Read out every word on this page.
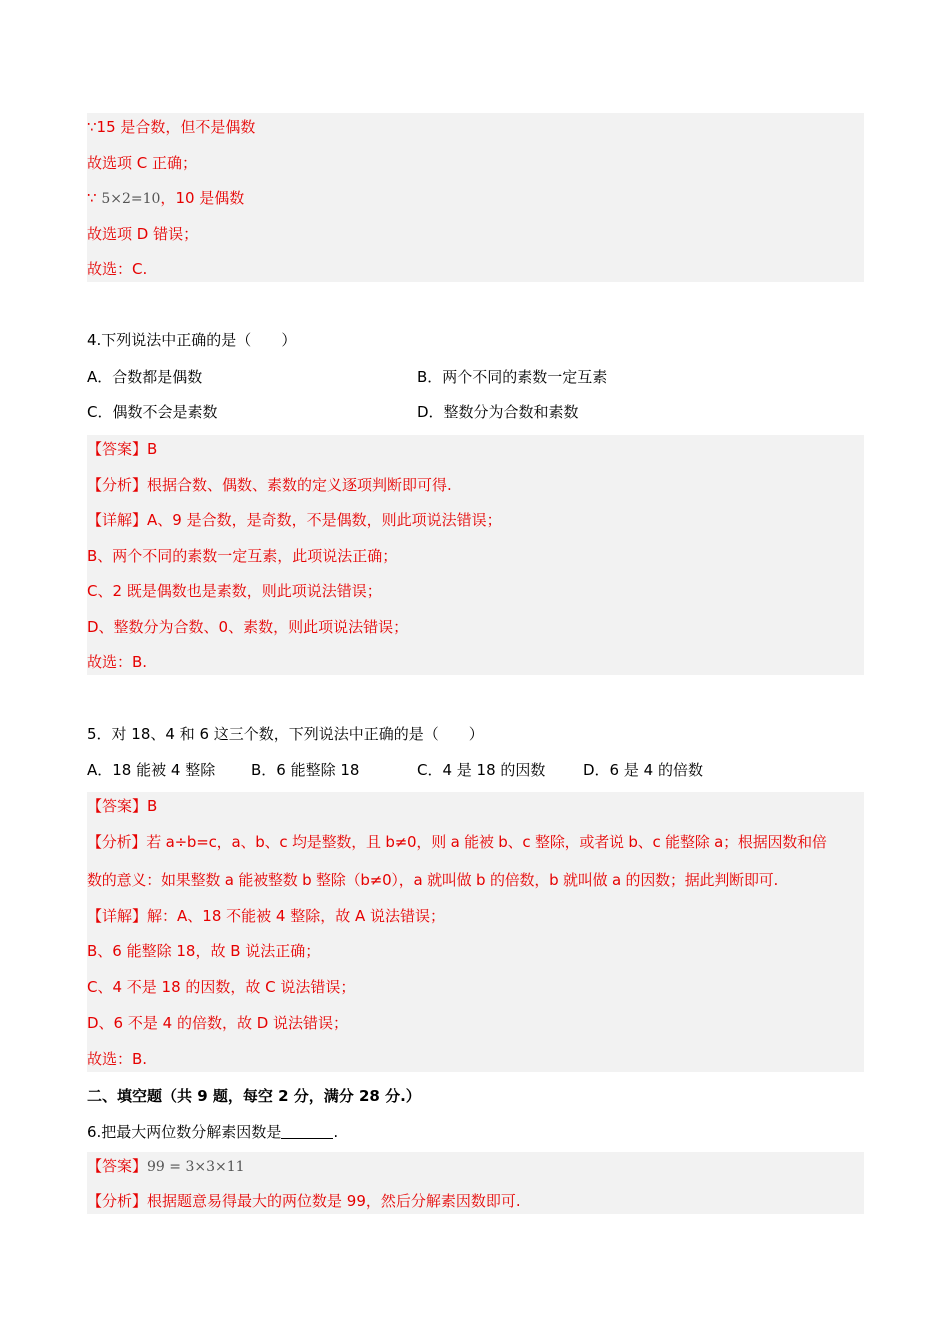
∵15 是合数，但不是偶数
故选项 C 正确；
∵ 5×2=10，10 是偶数
故选项 D 错误；
故选：C.
4.下列说法中正确的是（　　）
A．合数都是偶数	B．两个不同的素数一定互素
C．偶数不会是素数	D．整数分为合数和素数
【答案】B
【分析】根据合数、偶数、素数的定义逐项判断即可得.
【详解】A、9 是合数，是奇数，不是偶数，则此项说法错误；
B、两个不同的素数一定互素，此项说法正确；
C、2 既是偶数也是素数，则此项说法错误；
D、整数分为合数、0、素数，则此项说法错误；
故选：B.
5．对 18、4 和 6 这三个数，下列说法中正确的是（　　）
A．18 能被 4 整除 B．6 能整除 18	C．4 是 18 的因数	D．6 是 4 的倍数
【答案】B
【分析】若 a÷b=c，a、b、c 均是整数，且 b≠0，则 a 能被 b、c 整除，或者说 b、c 能整除 a；根据因数和倍
数的意义：如果整数 a 能被整数 b 整除（b≠0），a 就叫做 b 的倍数，b 就叫做 a 的因数；据此判断即可.
【详解】解：A、18 不能被 4 整除，故 A 说法错误；
B、6 能整除 18，故 B 说法正确；
C、4 不是 18 的因数，故 C 说法错误；
D、6 不是 4 的倍数，故 D 说法错误；
故选：B.
二、填空题（共 9 题，每空 2 分，满分 28 分.）
6.把最大两位数分解素因数是	.
【答案】99 = 3×3×11
【分析】根据题意易得最大的两位数是 99，然后分解素因数即可.
